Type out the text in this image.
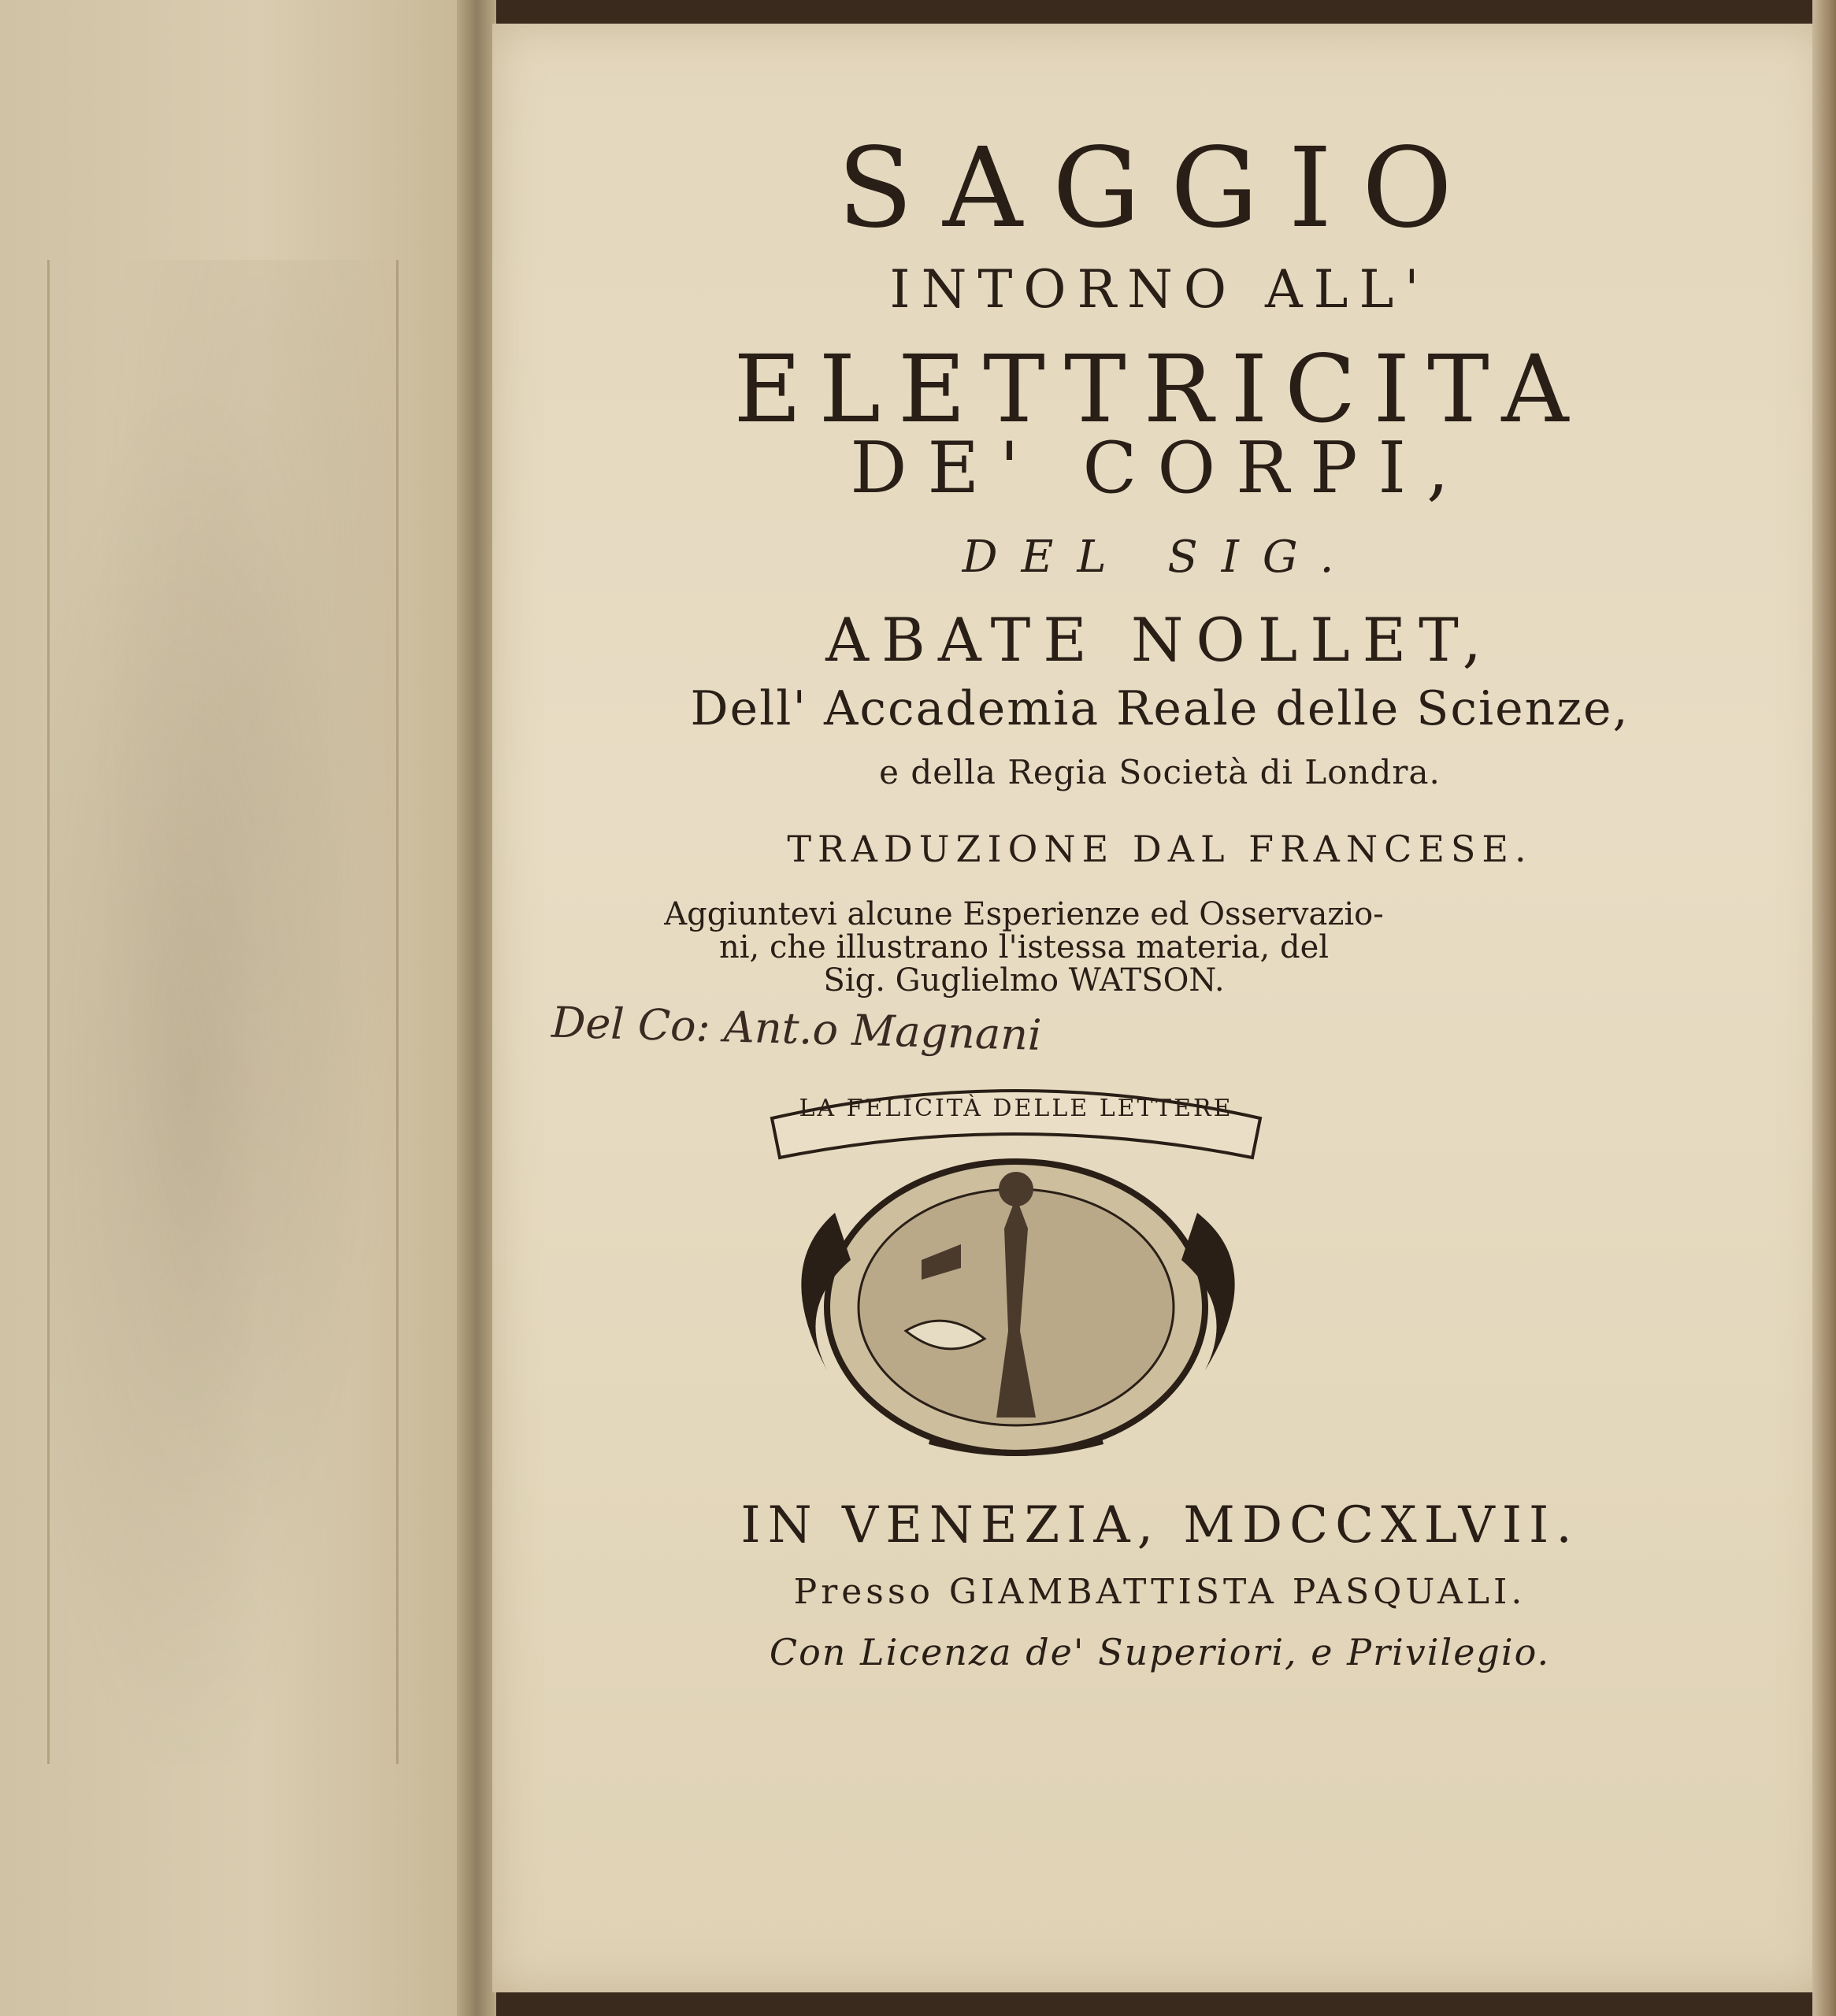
SAGGIO

INTORNO ALL'

ELETTRICITA

DE' CORPI,

DEL SIG.

ABATE NOLLET,

Dell' Accademia Reale delle Scienze,

e della Regia Società di Londra.

TRADUZIONE DAL FRANCESE.

Aggiuntevi alcune Esperienze ed Osservazio-
ni, che illustrano l'istessa materia, del
Sig. Guglielmo WATSON.

Del Co: Ant.o Magnani
LA FELICITÀ DELLE LETTERE

IN VENEZIA, MDCCXLVII.

Presso GIAMBATTISTA PASQUALI.

Con Licenza de' Superiori, e Privilegio.
